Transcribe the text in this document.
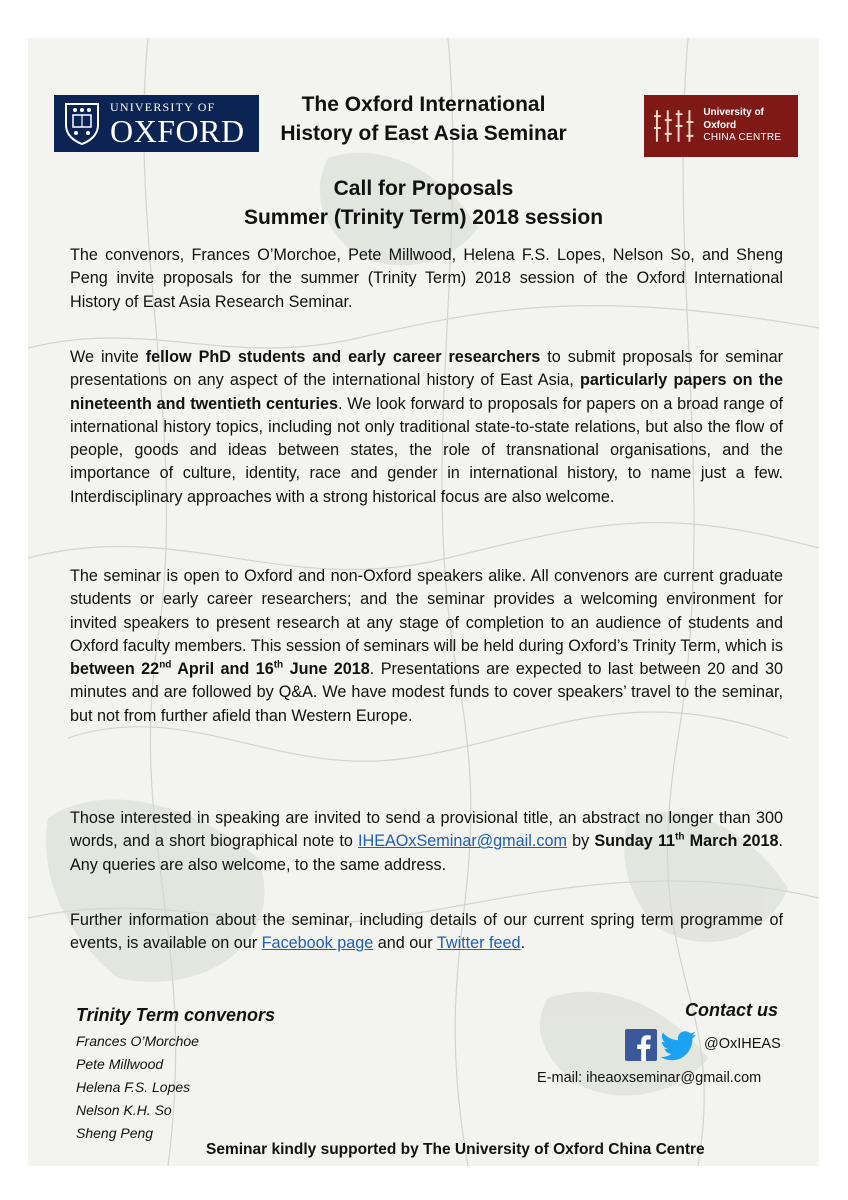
UNIVERSITY OF
OXFORD	University of Oxford
CHINA CENTRE
The Oxford International
History of East Asia Seminar
Call for Proposals
Summer (Trinity Term) 2018 session
The convenors, Frances O’Morchoe, Pete Millwood, Helena F.S. Lopes, Nelson So, and Sheng Peng invite proposals for the summer (Trinity Term) 2018 session of the Oxford International History of East Asia Research Seminar.
We invite fellow PhD students and early career researchers to submit proposals for seminar presentations on any aspect of the international history of East Asia, particularly papers on the nineteenth and twentieth centuries. We look forward to proposals for papers on a broad range of international history topics, including not only traditional state-to-state relations, but also the flow of people, goods and ideas between states, the role of transnational organisations, and the importance of culture, identity, race and gender in international history, to name just a few. Interdisciplinary approaches with a strong historical focus are also welcome.
The seminar is open to Oxford and non-Oxford speakers alike. All convenors are current graduate students or early career researchers; and the seminar provides a welcoming environment for invited speakers to present research at any stage of completion to an audience of students and Oxford faculty members. This session of seminars will be held during Oxford’s Trinity Term, which is between 22nd April and 16th June 2018. Presentations are expected to last between 20 and 30 minutes and are followed by Q&A. We have modest funds to cover speakers’ travel to the seminar, but not from further afield than Western Europe.
Those interested in speaking are invited to send a provisional title, an abstract no longer than 300 words, and a short biographical note to IHEAOxSeminar@gmail.com by Sunday 11th March 2018. Any queries are also welcome, to the same address.
Further information about the seminar, including details of our current spring term programme of events, is available on our Facebook page and our Twitter feed.
Trinity Term convenors
Frances O’Morchoe
Pete Millwood
Helena F.S. Lopes
Nelson K.H. So
Sheng Peng
Contact us
@OxIHEAS
E-mail: iheaoxseminar@gmail.com
Seminar kindly supported by The University of Oxford China Centre
